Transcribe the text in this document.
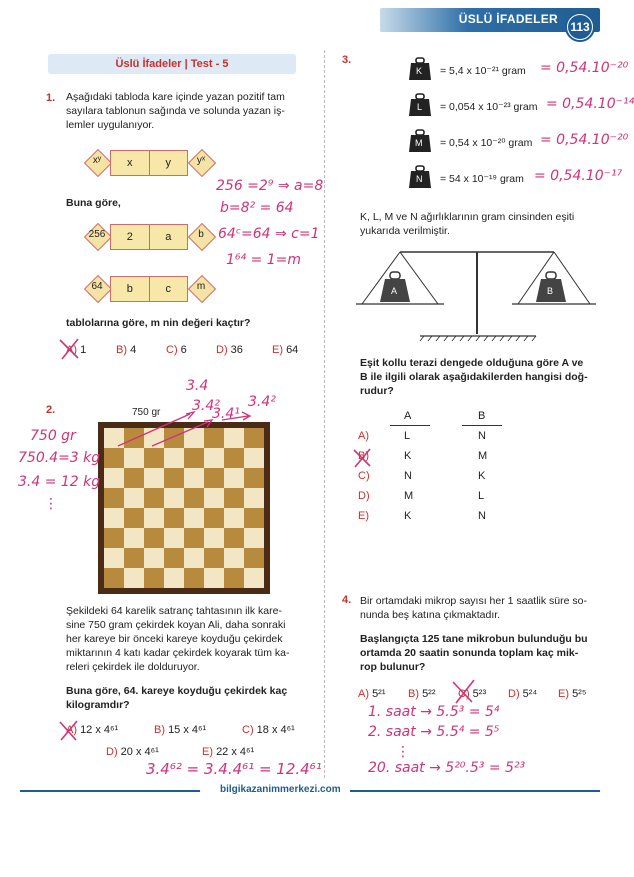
ÜSLÜ İFADELER
113
Üslü İfadeler | Test - 5
1. Aşağıdaki tabloda kare içinde yazan pozitif tam
sayılara tablonun sağında ve solunda yazan iş-
lemler uygulanıyor.
xʸ	x	y	yˣ
Buna göre,
256	2	a	b
64	b	c	m
tablolarına göre, m nin değeri kaçtır?
A) 1	B) 4	C) 6	D) 36	E) 64
256 =2⁹ ⇒ a=8
b=8² = 64
64ᶜ=64 ⇒ c=1
1⁶⁴ = 1=m
2.	750 gr
750 gr
750.4=3 kg
3.4 = 12 kg
⋮
3.4
3.4²
3.4¹
3.4²
Şekildeki 64 karelik satranç tahtasının ilk kare-
sine 750 gram çekirdek koyan Ali, daha sonraki
her kareye bir önceki kareye koyduğu çekirdek
miktarının 4 katı kadar çekirdek koyarak tüm ka-
releri çekirdek ile dolduruyor.
Buna göre, 64. kareye koyduğu çekirdek kaç
kilogramdır?
A) 12 x 4⁶¹	B) 15 x 4⁶¹	C) 18 x 4⁶¹
D) 20 x 4⁶¹	E) 22 x 4⁶¹
3.4⁶² = 3.4.4⁶¹ = 12.4⁶¹
3.
K = 5,4 x 10⁻²¹ gram = 0,54.10⁻²⁰
L = 0,054 x 10⁻²³ gram = 0,54.10⁻¹⁴
M = 0,54 x 10⁻²⁰ gram = 0,54.10⁻²⁰
N = 54 x 10⁻¹⁹ gram = 0,54.10⁻¹⁷
K, L, M ve N ağırlıklarının gram cinsinden eşiti
yukarıda verilmiştir.
A	B
Eşit kollu terazi dengede olduğuna göre A ve
B ile ilgili olarak aşağıdakilerden hangisi doğ-
rudur?
A	B
A)	L	N
B)	K	M
C)	N	K
D)	M	L
E)	K	N
4. Bir ortamdaki mikrop sayısı her 1 saatlik süre so-
nunda beş katına çıkmaktadır.
Başlangıçta 125 tane mikrobun bulunduğu bu
ortamda 20 saatin sonunda toplam kaç mik-
rop bulunur?
A) 5²¹ B) 5²² C) 5²³ D) 5²⁴ E) 5²⁵
1. saat → 5.5³ = 5⁴
2. saat → 5.5⁴ = 5⁵
⋮
20. saat → 5²⁰.5³ = 5²³
bilgikazanimmerkezi.com
